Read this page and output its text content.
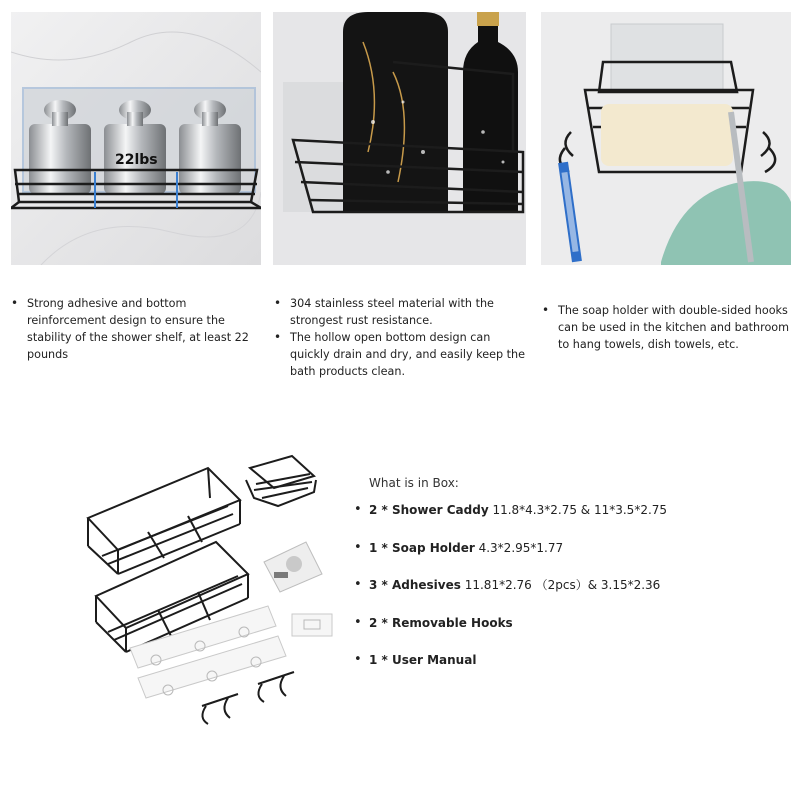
22lbs
• Strong adhesive and bottom reinforcement design to ensure the stability of the shower shelf, at least 22 pounds
• 304 stainless steel material with the strongest rust resistance.
• The hollow open bottom design can quickly drain and dry, and easily keep the bath products clean.
• The soap holder with double-sided hooks can be used in the kitchen and bathroom to hang towels, dish towels, etc.

What is in Box:

• 2 * Shower Caddy 11.8*4.3*2.75 & 11*3.5*2.75
• 1 * Soap Holder 4.3*2.95*1.77
• 3 * Adhesives 11.81*2.76 （2pcs）& 3.15*2.36
• 2 * Removable Hooks
• 1 * User Manual
